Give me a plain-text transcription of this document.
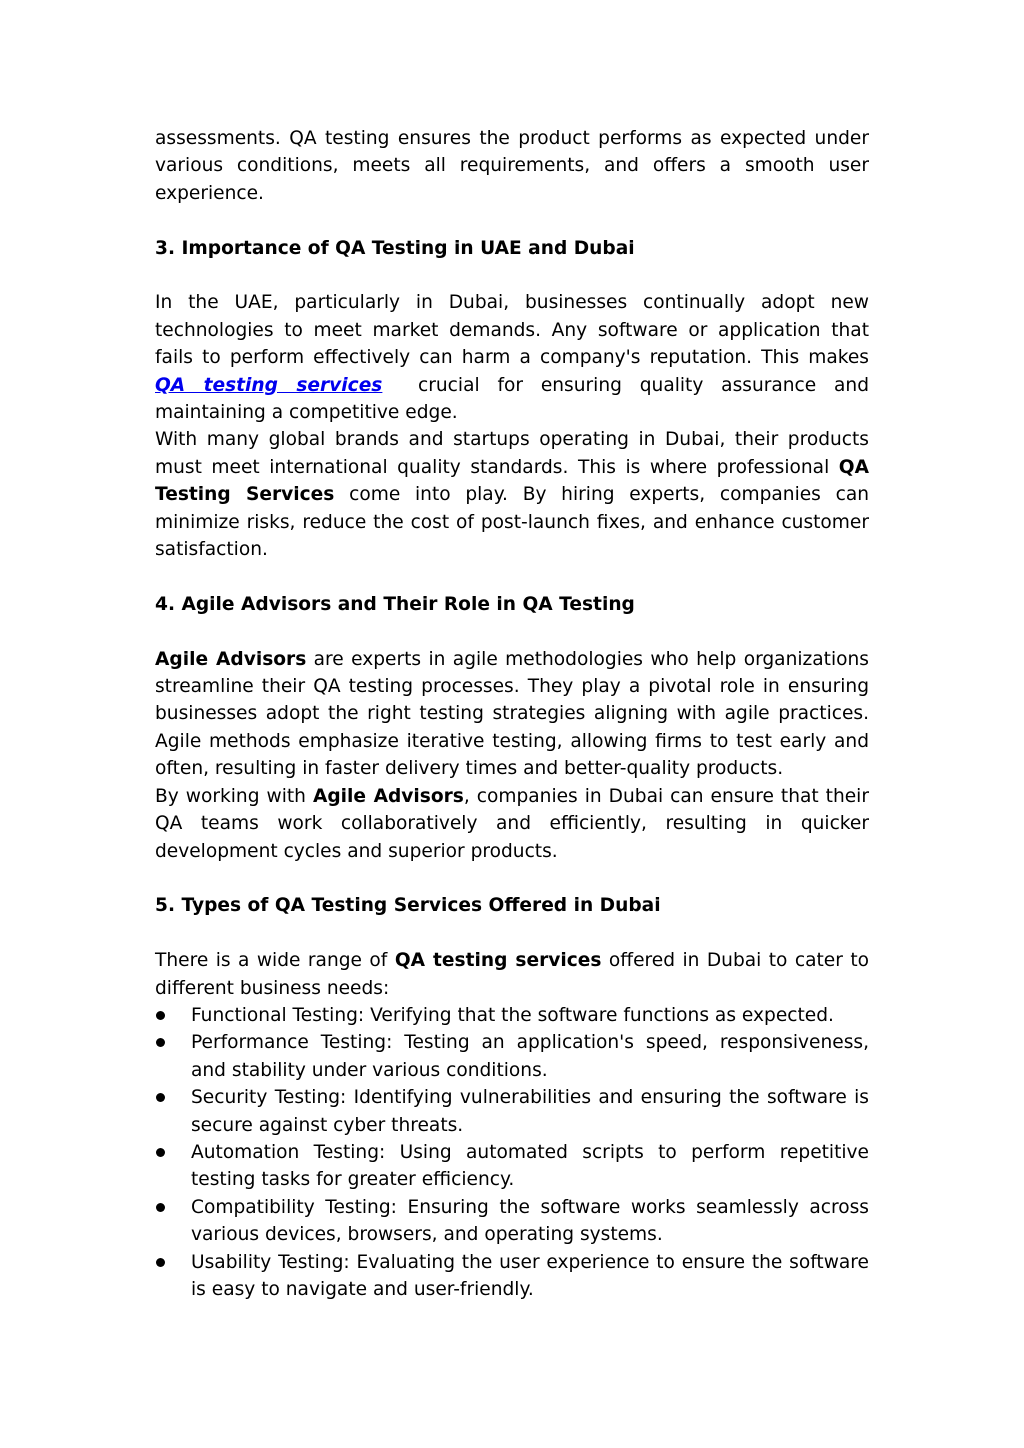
assessments. QA testing ensures the product performs as expected under various conditions, meets all requirements, and offers a smooth user experience.

3. Importance of QA Testing in UAE and Dubai

In the UAE, particularly in Dubai, businesses continually adopt new technologies to meet market demands. Any software or application that fails to perform effectively can harm a company's reputation. This makes QA testing services  crucial for ensuring quality assurance and maintaining a competitive edge.

With many global brands and startups operating in Dubai, their products must meet international quality standards. This is where professional QA Testing Services come into play. By hiring experts, companies can minimize risks, reduce the cost of post-launch fixes, and enhance customer satisfaction.

4. Agile Advisors and Their Role in QA Testing

Agile Advisors are experts in agile methodologies who help organizations streamline their QA testing processes. They play a pivotal role in ensuring businesses adopt the right testing strategies aligning with agile practices. Agile methods emphasize iterative testing, allowing firms to test early and often, resulting in faster delivery times and better-quality products.

By working with Agile Advisors, companies in Dubai can ensure that their QA teams work collaboratively and efficiently, resulting in quicker development cycles and superior products.

5. Types of QA Testing Services Offered in Dubai

There is a wide range of QA testing services offered in Dubai to cater to different business needs:

Functional Testing: Verifying that the software functions as expected.
Performance Testing: Testing an application's speed, responsiveness, and stability under various conditions.
Security Testing: Identifying vulnerabilities and ensuring the software is secure against cyber threats.
Automation Testing: Using automated scripts to perform repetitive testing tasks for greater efficiency.
Compatibility Testing: Ensuring the software works seamlessly across various devices, browsers, and operating systems.
Usability Testing: Evaluating the user experience to ensure the software is easy to navigate and user-friendly.
